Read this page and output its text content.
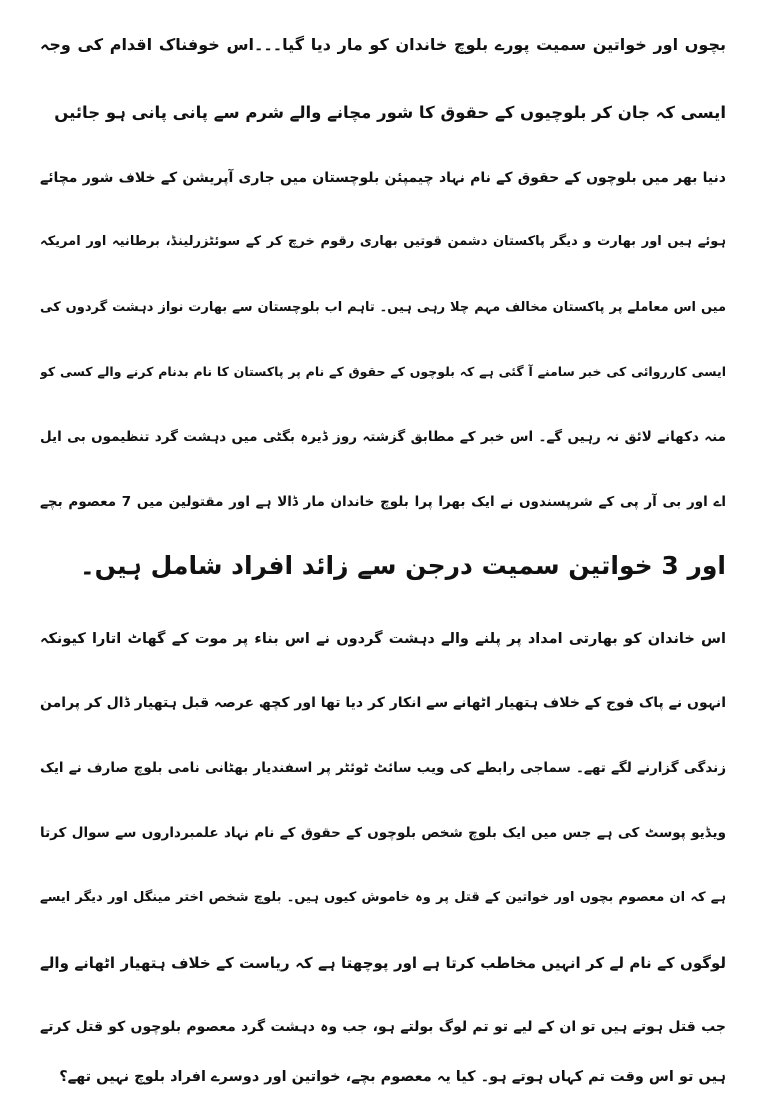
بچوں اور خواتین سمیت پورے بلوچ خاندان کو مار دیا گیا۔۔۔اس خوفناک اقدام کی وجہ
ایسی کہ جان کر بلوچیوں کے حقوق کا شور مچانے والے شرم سے پانی پانی ہو جائیں
دنیا بھر میں بلوچوں کے حقوق کے نام نہاد چیمپئن بلوچستان میں جاری آپریشن کے خلاف شور مچائے
ہوئے ہیں اور بھارت و دیگر پاکستان دشمن قوتیں بھاری رقوم خرچ کر کے سوئٹزرلینڈ، برطانیہ اور امریکہ
میں اس معاملے پر پاکستان مخالف مہم چلا رہی ہیں۔ تاہم اب بلوچستان سے بھارت نواز دہشت گردوں کی
ایسی کارروائی کی خبر سامنے آ گئی ہے کہ بلوچوں کے حقوق کے نام پر پاکستان کا نام بدنام کرنے والے کسی کو
منہ دکھانے لائق نہ رہیں گے۔ اس خبر کے مطابق گزشتہ روز ڈیرہ بگٹی میں دہشت گرد تنظیموں بی ایل
اے اور بی آر پی کے شرپسندوں نے ایک بھرا پرا بلوچ خاندان مار ڈالا ہے اور مقتولین میں 7 معصوم بچے
اور 3 خواتین سمیت درجن سے زائد افراد شامل ہیں۔
اس خاندان کو بھارتی امداد پر پلنے والے دہشت گردوں نے اس بناء پر موت کے گھاٹ اتارا کیونکہ
انہوں نے پاک فوج کے خلاف ہتھیار اٹھانے سے انکار کر دیا تھا اور کچھ عرصہ قبل ہتھیار ڈال کر پرامن
زندگی گزارنے لگے تھے۔ سماجی رابطے کی ویب سائٹ ٹوئٹر پر اسفندیار بھٹانی نامی بلوچ صارف نے ایک
ویڈیو پوسٹ کی ہے جس میں ایک بلوچ شخص بلوچوں کے حقوق کے نام نہاد علمبرداروں سے سوال کرتا
ہے کہ ان معصوم بچوں اور خواتین کے قتل پر وہ خاموش کیوں ہیں۔ بلوچ شخص اختر مینگل اور دیگر ایسے
لوگوں کے نام لے کر انہیں مخاطب کرتا ہے اور پوچھتا ہے کہ ریاست کے خلاف ہتھیار اٹھانے والے
جب قتل ہوتے ہیں تو ان کے لیے تو تم لوگ بولتے ہو، جب وہ دہشت گرد معصوم بلوچوں کو قتل کرتے
ہیں تو اس وقت تم کہاں ہوتے ہو۔ کیا یہ معصوم بچے، خواتین اور دوسرے افراد بلوچ نہیں تھے؟
